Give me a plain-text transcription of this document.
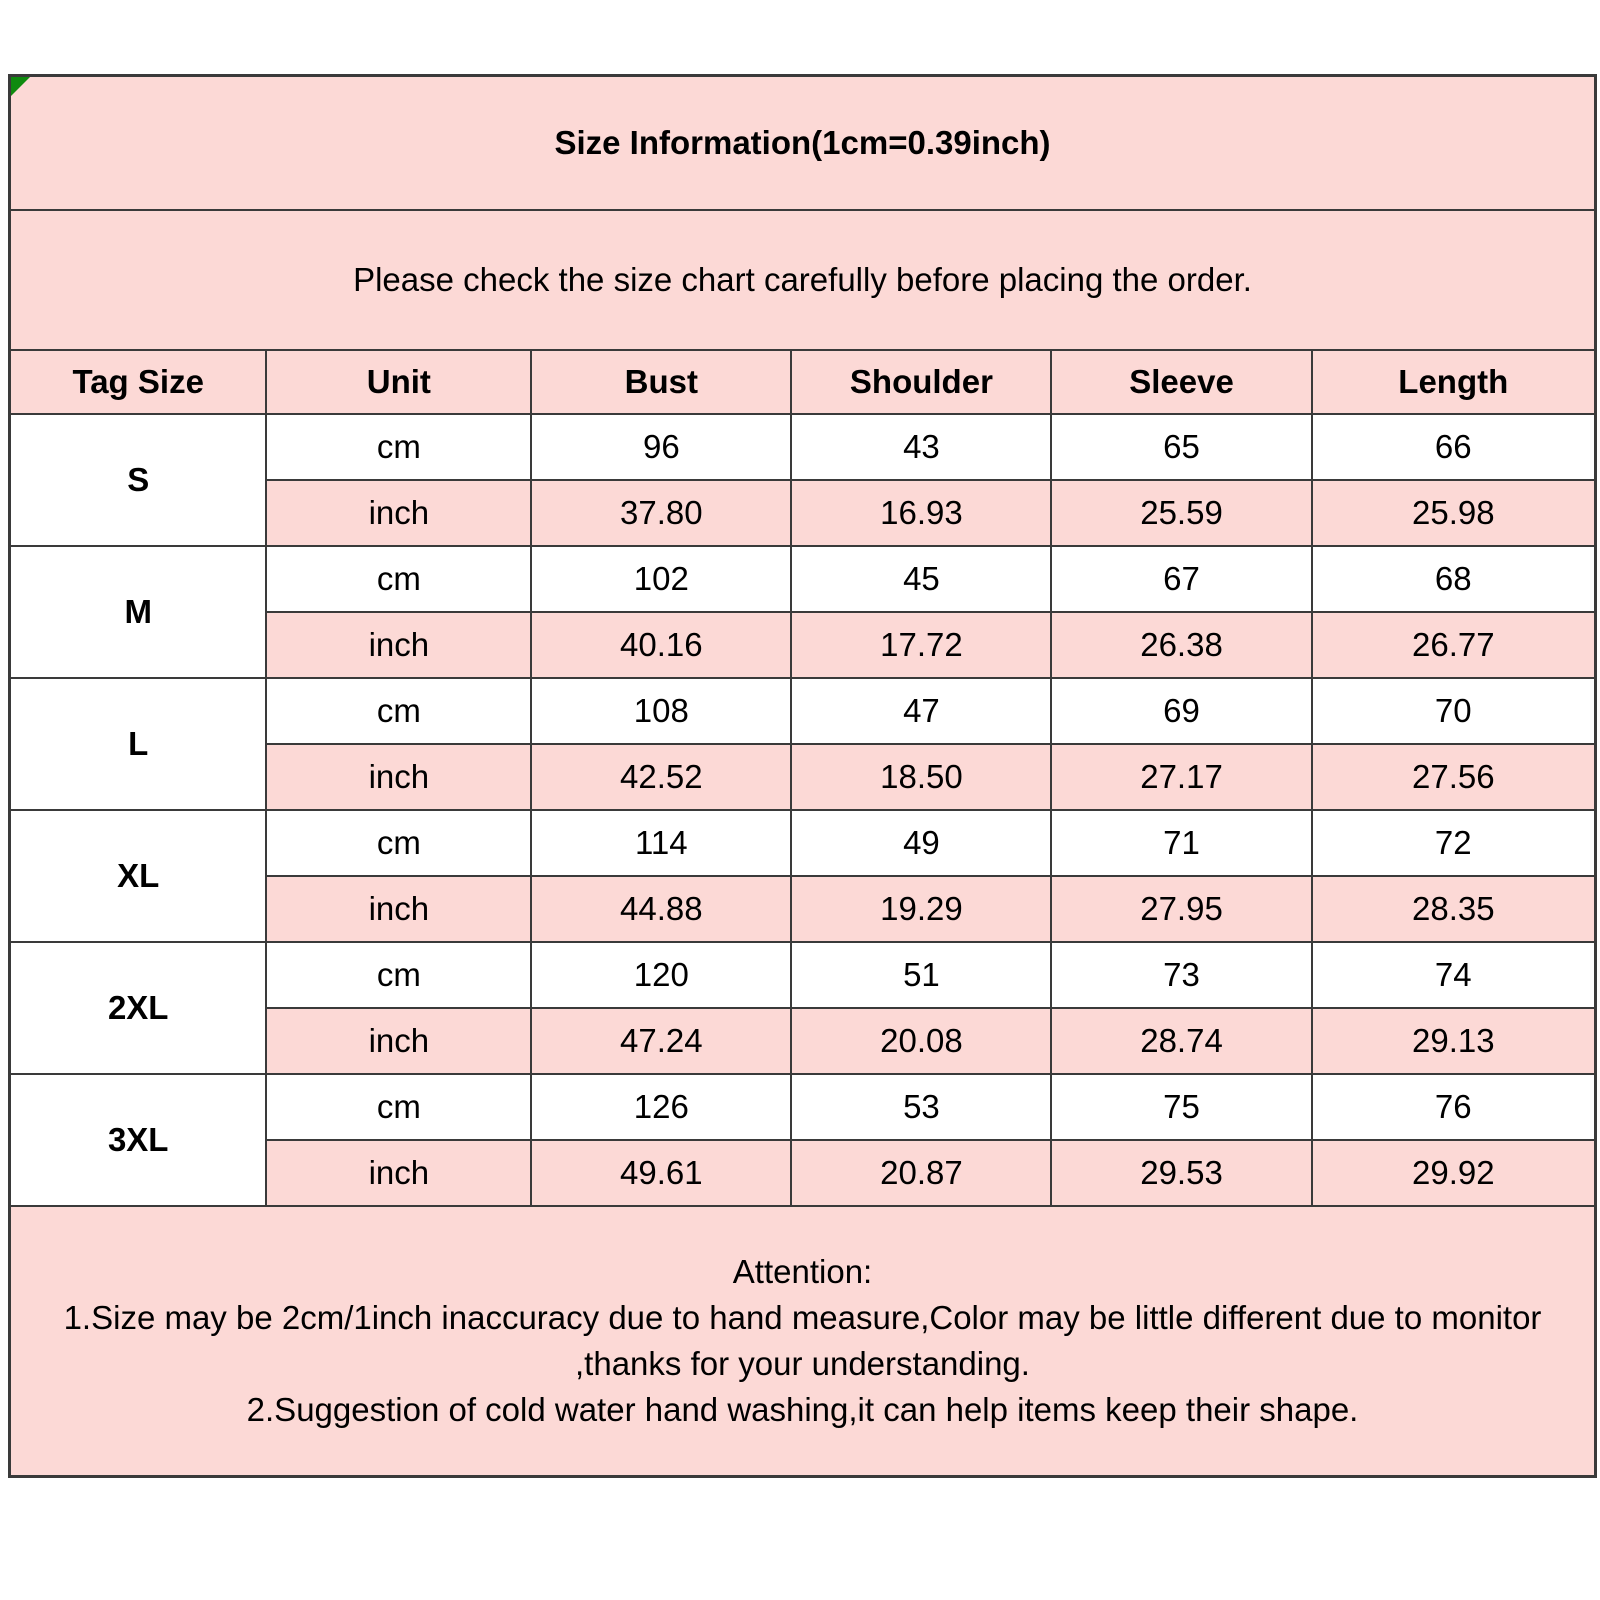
Size Information(1cm=0.39inch)					
Please check the size chart carefully before placing the order.					
Tag Size	Unit	Bust	Shoulder	Sleeve	Length
S	cm	96	43	65	66
	inch	37.80	16.93	25.59	25.98
M	cm	102	45	67	68
	inch	40.16	17.72	26.38	26.77
L	cm	108	47	69	70
	inch	42.52	18.50	27.17	27.56
XL	cm	114	49	71	72
	inch	44.88	19.29	27.95	28.35
2XL	cm	120	51	73	74
	inch	47.24	20.08	28.74	29.13
3XL	cm	126	53	75	76
	inch	49.61	20.87	29.53	29.92

Attention:
1.Size may be 2cm/1inch inaccuracy due to hand measure,Color may be little different due to monitor ,thanks for your understanding.
2.Suggestion of cold water hand washing,it can help items keep their shape.					
